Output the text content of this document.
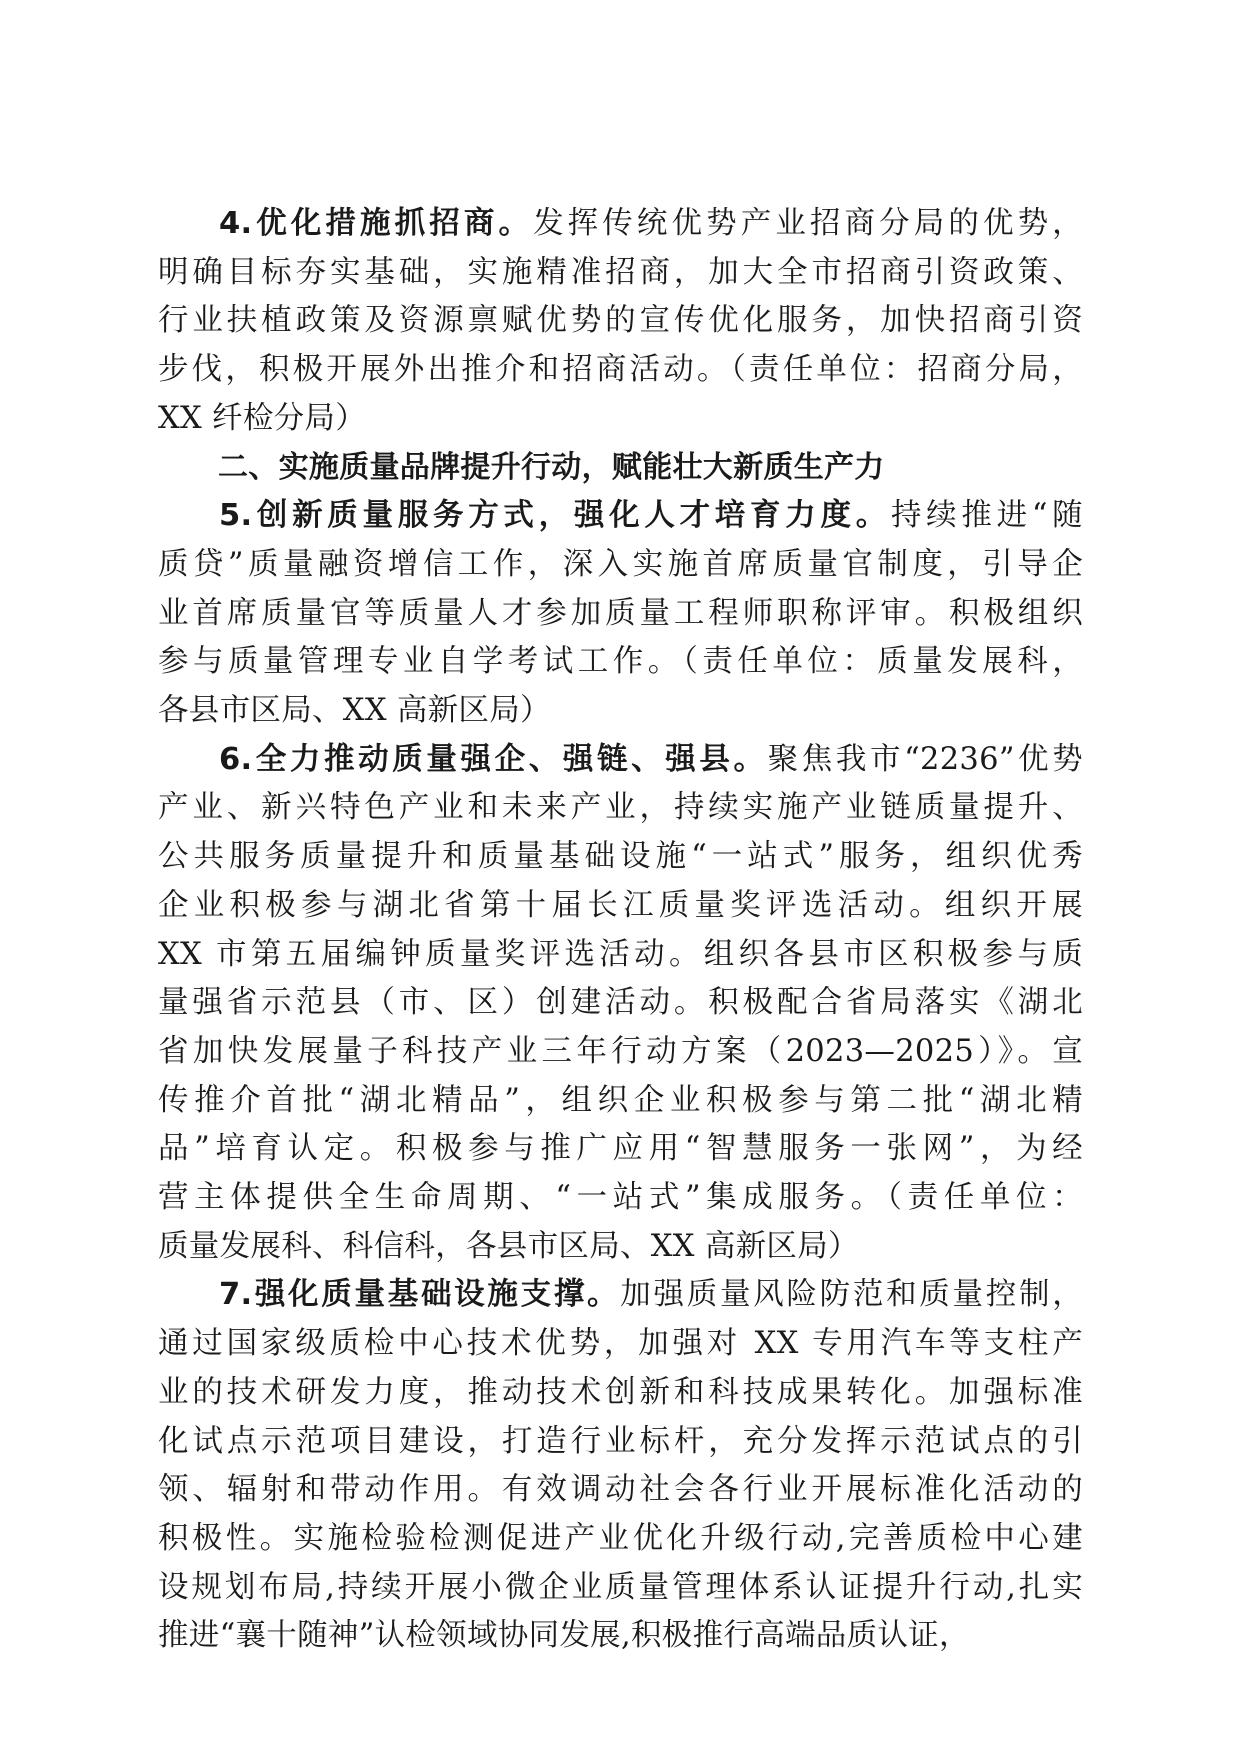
4.优化措施抓招商。发挥传统优势产业招商分局的优势，
明确目标夯实基础，实施精准招商，加大全市招商引资政策、
行业扶植政策及资源禀赋优势的宣传优化服务，加快招商引资
步伐，积极开展外出推介和招商活动。（责任单位：招商分局，
XX 纤检分局）
二、实施质量品牌提升行动，赋能壮大新质生产力
5.创新质量服务方式，强化人才培育力度。持续推进“随
质贷”质量融资增信工作，深入实施首席质量官制度，引导企
业首席质量官等质量人才参加质量工程师职称评审。积极组织
参与质量管理专业自学考试工作。（责任单位：质量发展科，
各县市区局、XX 高新区局）
6.全力推动质量强企、强链、强县。聚焦我市“2236”优势
产业、新兴特色产业和未来产业，持续实施产业链质量提升、
公共服务质量提升和质量基础设施“一站式”服务，组织优秀
企业积极参与湖北省第十届长江质量奖评选活动。组织开展
XX 市第五届编钟质量奖评选活动。组织各县市区积极参与质
量强省示范县（市、区）创建活动。积极配合省局落实《湖北
省加快发展量子科技产业三年行动方案（2023—2025）》。宣
传推介首批“湖北精品”，组织企业积极参与第二批“湖北精
品”培育认定。积极参与推广应用“智慧服务一张网”，为经
营主体提供全生命周期、“一站式”集成服务。（责任单位：
质量发展科、科信科，各县市区局、XX 高新区局）
7.强化质量基础设施支撑。加强质量风险防范和质量控制，
通过国家级质检中心技术优势，加强对 XX 专用汽车等支柱产
业的技术研发力度，推动技术创新和科技成果转化。加强标准
化试点示范项目建设，打造行业标杆，充分发挥示范试点的引
领、辐射和带动作用。有效调动社会各行业开展标准化活动的
积极性。实施检验检测促进产业优化升级行动,完善质检中心建
设规划布局,持续开展小微企业质量管理体系认证提升行动,扎实
推进“襄十随神”认检领域协同发展,积极推行高端品质认证，
